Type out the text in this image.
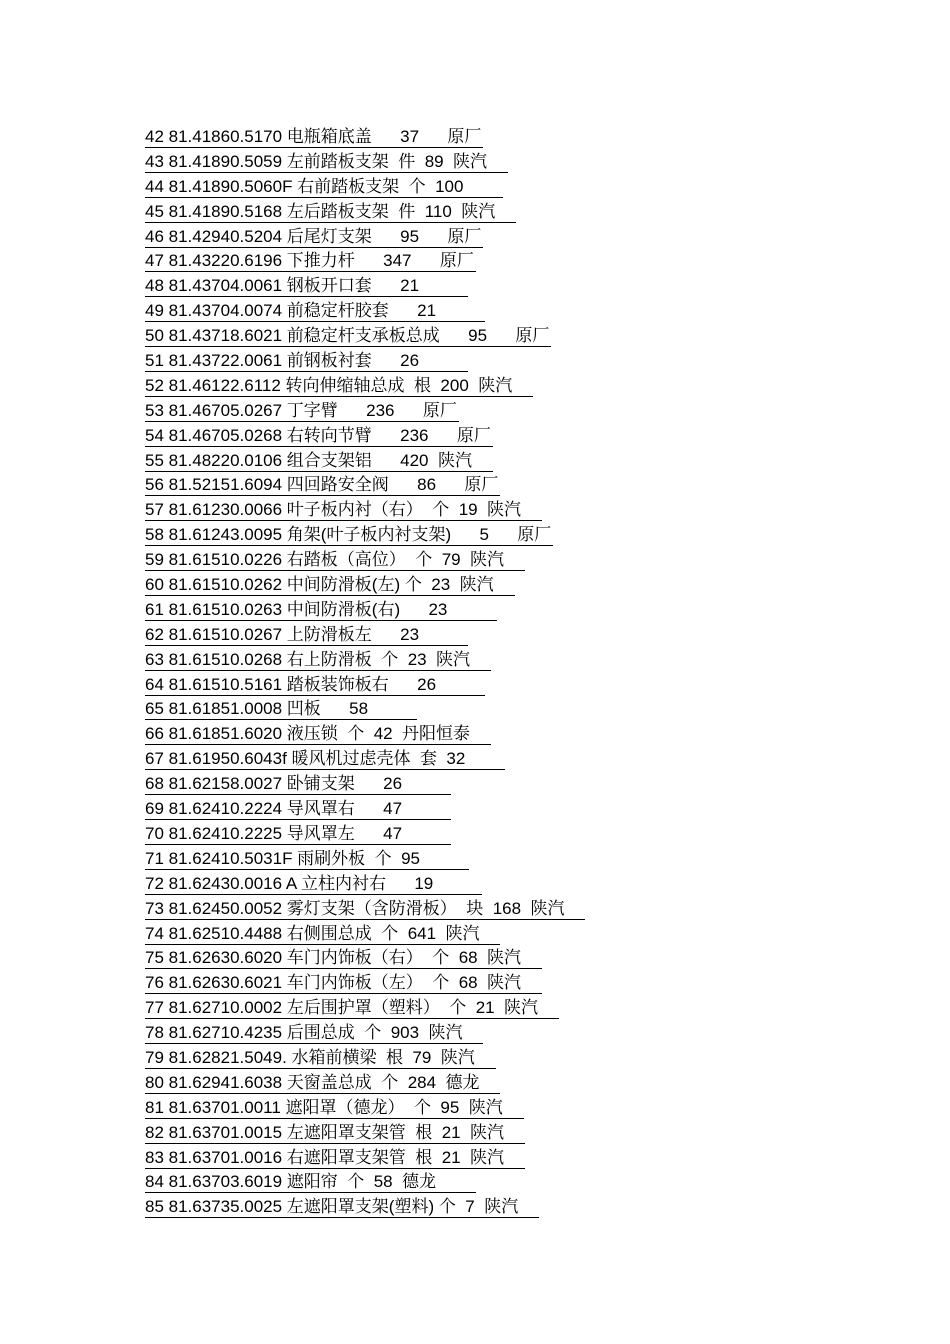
42 81.41860.5170 电瓶箱底盖      37      原厂
43 81.41890.5059 左前踏板支架  件  89  陕汽
44 81.41890.5060F 右前踏板支架  个  100
45 81.41890.5168 左后踏板支架  件  110  陕汽
46 81.42940.5204 后尾灯支架      95      原厂
47 81.43220.6196 下推力杆      347      原厂
48 81.43704.0061 钢板开口套      21
49 81.43704.0074 前稳定杆胶套      21
50 81.43718.6021 前稳定杆支承板总成      95      原厂
51 81.43722.0061 前钢板衬套      26
52 81.46122.6112 转向伸缩轴总成  根  200  陕汽
53 81.46705.0267 丁字臂      236      原厂
54 81.46705.0268 右转向节臂      236      原厂
55 81.48220.0106 组合支架铝      420  陕汽
56 81.52151.6094 四回路安全阀      86      原厂
57 81.61230.0066 叶子板内衬（右）  个  19  陕汽
58 81.61243.0095 角架(叶子板内衬支架)      5      原厂
59 81.61510.0226 右踏板（高位）  个  79  陕汽
60 81.61510.0262 中间防滑板(左) 个  23  陕汽
61 81.61510.0263 中间防滑板(右)      23
62 81.61510.0267 上防滑板左      23
63 81.61510.0268 右上防滑板  个  23  陕汽
64 81.61510.5161 踏板装饰板右      26
65 81.61851.0008 凹板      58
66 81.61851.6020 液压锁  个  42  丹阳恒泰
67 81.61950.6043f 暖风机过虑壳体  套  32
68 81.62158.0027 卧铺支架      26
69 81.62410.2224 导风罩右      47
70 81.62410.2225 导风罩左      47
71 81.62410.5031F 雨刷外板  个  95
72 81.62430.0016 A 立柱内衬右      19
73 81.62450.0052 雾灯支架（含防滑板）  块  168  陕汽
74 81.62510.4488 右侧围总成  个  641  陕汽
75 81.62630.6020 车门内饰板（右）  个  68  陕汽
76 81.62630.6021 车门内饰板（左）  个  68  陕汽
77 81.62710.0002 左后围护罩（塑料）  个  21  陕汽
78 81.62710.4235 后围总成  个  903  陕汽
79 81.62821.5049. 水箱前横梁  根  79  陕汽
80 81.62941.6038 天窗盖总成  个  284  德龙
81 81.63701.0011 遮阳罩（德龙）  个  95  陕汽
82 81.63701.0015 左遮阳罩支架管  根  21  陕汽
83 81.63701.0016 右遮阳罩支架管  根  21  陕汽
84 81.63703.6019 遮阳帘  个  58  德龙
85 81.63735.0025 左遮阳罩支架(塑料) 个  7  陕汽
